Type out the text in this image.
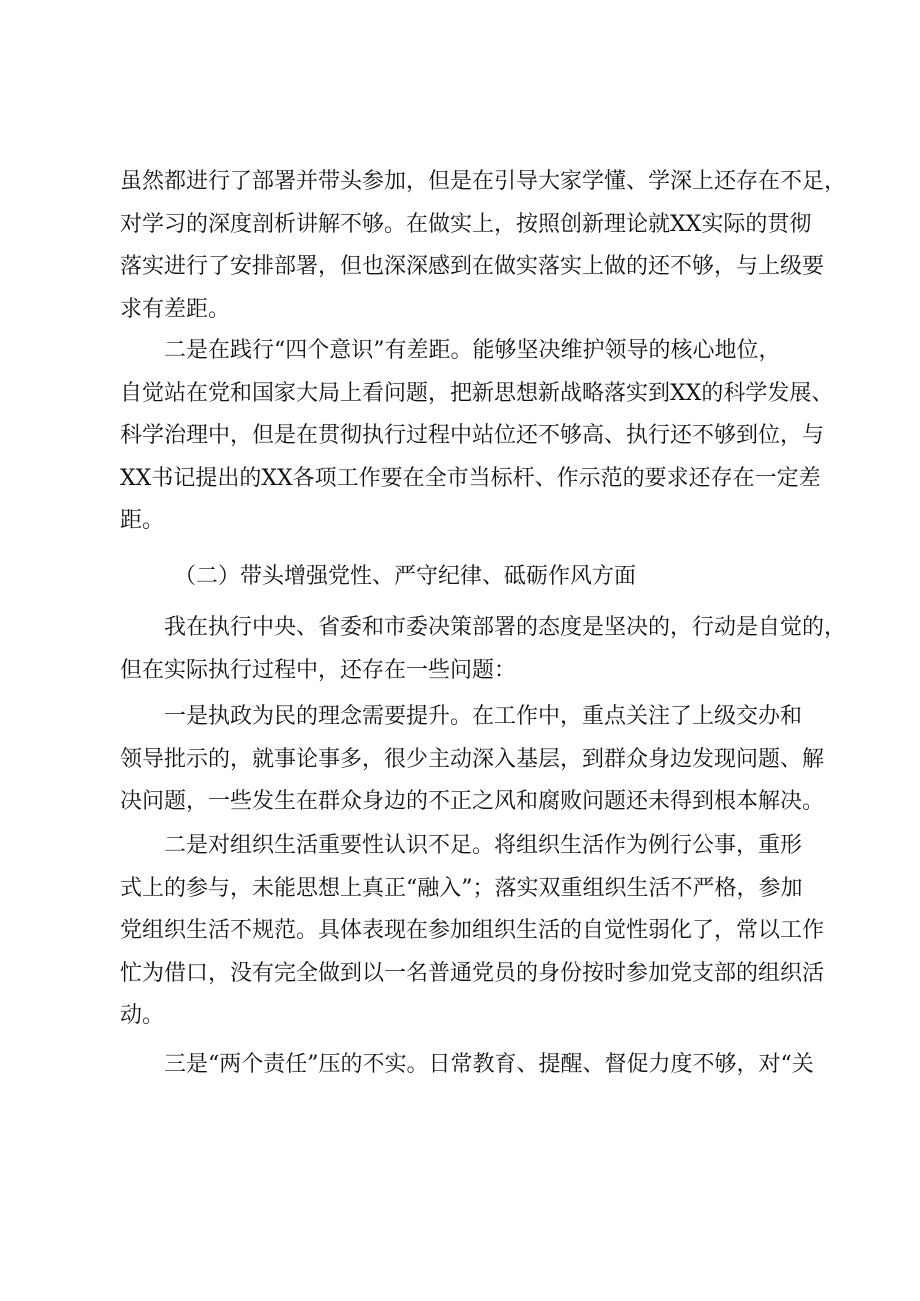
虽然都进行了部署并带头参加，但是在引导大家学懂、学深上还存在不足，
对学习的深度剖析讲解不够。在做实上，按照创新理论就XX实际的贯彻
落实进行了安排部署，但也深深感到在做实落实上做的还不够，与上级要
求有差距。
二是在践行“四个意识”有差距。能够坚决维护领导的核心地位，
自觉站在党和国家大局上看问题，把新思想新战略落实到XX的科学发展、
科学治理中，但是在贯彻执行过程中站位还不够高、执行还不够到位，与
XX书记提出的XX各项工作要在全市当标杆、作示范的要求还存在一定差
距。
（二）带头增强党性、严守纪律、砥砺作风方面
我在执行中央、省委和市委决策部署的态度是坚决的，行动是自觉的，
但在实际执行过程中，还存在一些问题：
一是执政为民的理念需要提升。在工作中，重点关注了上级交办和
领导批示的，就事论事多，很少主动深入基层，到群众身边发现问题、解
决问题，一些发生在群众身边的不正之风和腐败问题还未得到根本解决。
二是对组织生活重要性认识不足。将组织生活作为例行公事，重形
式上的参与，未能思想上真正“融入”；落实双重组织生活不严格，参加
党组织生活不规范。具体表现在参加组织生活的自觉性弱化了，常以工作
忙为借口，没有完全做到以一名普通党员的身份按时参加党支部的组织活
动。
三是“两个责任”压的不实。日常教育、提醒、督促力度不够，对“关
